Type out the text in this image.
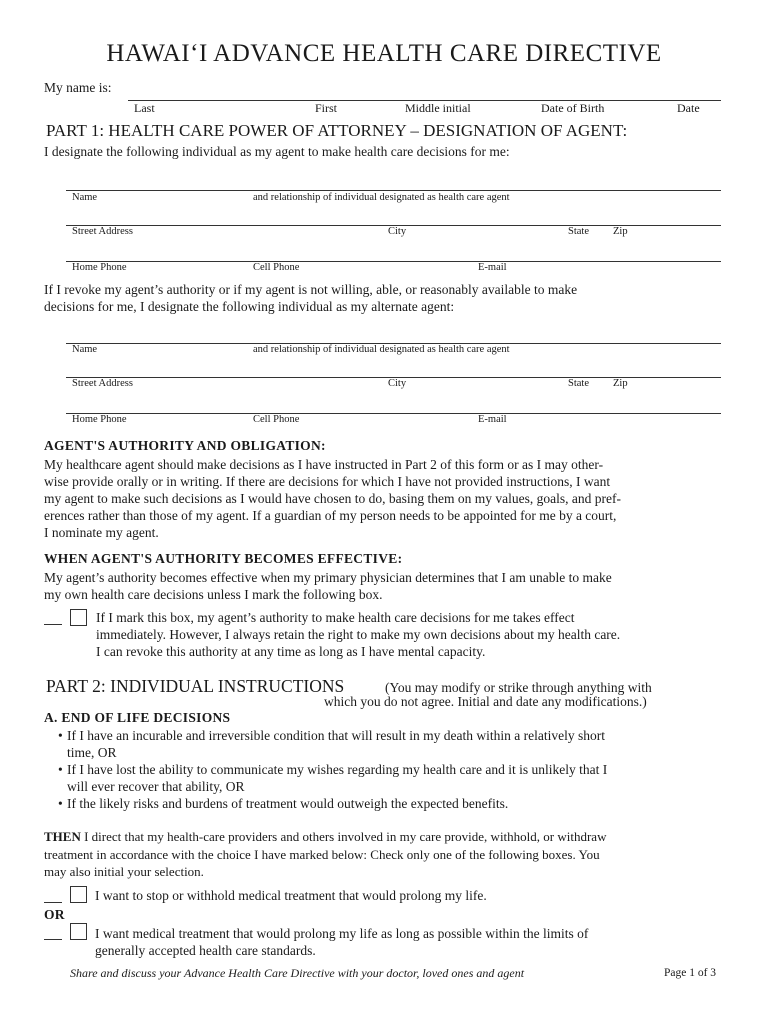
HAWAI‘I ADVANCE HEALTH CARE DIRECTIVE
My name is:
Last	First	Middle initial	Date of Birth	Date
PART 1: HEALTH CARE POWER OF ATTORNEY – DESIGNATION OF AGENT:
I designate the following individual as my agent to make health care decisions for me:
Name	and relationship of individual designated as health care agent
Street Address	City	State Zip
Home Phone	Cell Phone	E-mail
If I revoke my agent’s authority or if my agent is not willing, able, or reasonably available to make
decisions for me, I designate the following individual as my alternate agent:
Name	and relationship of individual designated as health care agent
Street Address	City	State Zip
Home Phone	Cell Phone	E-mail
AGENT'S AUTHORITY AND OBLIGATION:
My healthcare agent should make decisions as I have instructed in Part 2 of this form or as I may other-
wise provide orally or in writing. If there are decisions for which I have not provided instructions, I want
my agent to make such decisions as I would have chosen to do, basing them on my values, goals, and pref-
erences rather than those of my agent. If a guardian of my person needs to be appointed for me by a court,
I nominate my agent.
WHEN AGENT'S AUTHORITY BECOMES EFFECTIVE:
My agent’s authority becomes effective when my primary physician determines that I am unable to make
my own health care decisions unless I mark the following box.
If I mark this box, my agent’s authority to make health care decisions for me takes effect
immediately. However, I always retain the right to make my own decisions about my health care.
I can revoke this authority at any time as long as I have mental capacity.
PART 2: INDIVIDUAL INSTRUCTIONS	(You may modify or strike through anything with
which you do not agree. Initial and date any modifications.)
A. END OF LIFE DECISIONS
• If I have an incurable and irreversible condition that will result in my death within a relatively short
time, OR
• If I have lost the ability to communicate my wishes regarding my health care and it is unlikely that I
will ever recover that ability, OR
• If the likely risks and burdens of treatment would outweigh the expected benefits.
THEN I direct that my health-care providers and others involved in my care provide, withhold, or withdraw
treatment in accordance with the choice I have marked below: Check only one of the following boxes. You
may also initial your selection.
I want to stop or withhold medical treatment that would prolong my life.
OR
I want medical treatment that would prolong my life as long as possible within the limits of
generally accepted health care standards.
Share and discuss your Advance Health Care Directive with your doctor, loved ones and agent	Page 1 of 3
